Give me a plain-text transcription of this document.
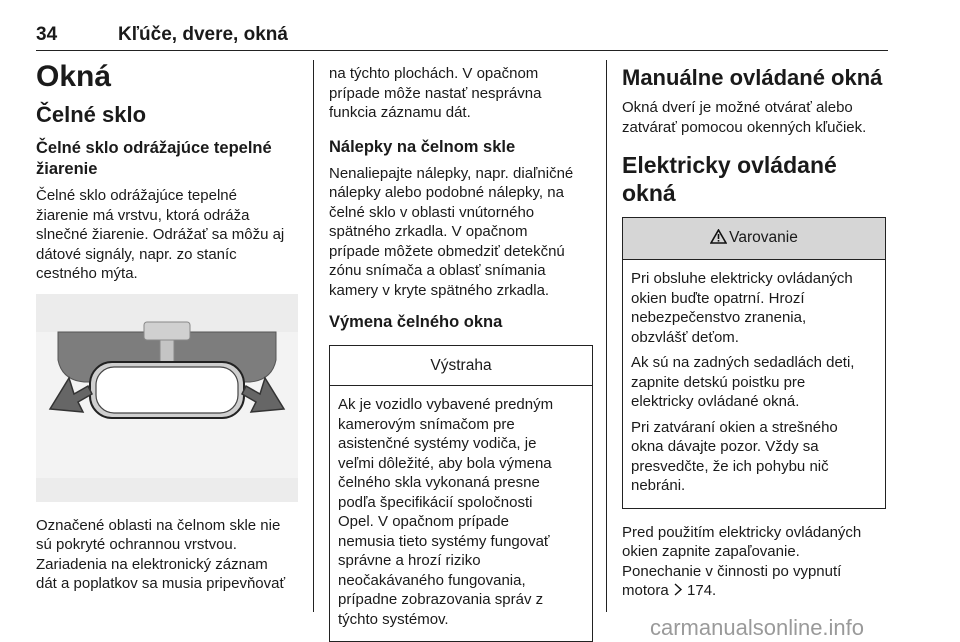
34	Kľúče, dvere, okná
Okná
Čelné sklo
Čelné sklo odrážajúce tepelné žiarenie
Čelné sklo odrážajúce tepelné
žiarenie má vrstvu, ktorá odráža
slnečné žiarenie. Odrážať sa môžu aj
dátové signály, napr. zo staníc
cestného mýta.
Označené oblasti na čelnom skle nie
sú pokryté ochrannou vrstvou.
Zariadenia na elektronický záznam
dát a poplatkov sa musia pripevňovať
na týchto plochách. V opačnom
prípade môže nastať nesprávna
funkcia záznamu dát.
Nálepky na čelnom skle
Nenaliepajte nálepky, napr. diaľničné
nálepky alebo podobné nálepky, na
čelné sklo v oblasti vnútorného
spätného zrkadla. V opačnom
prípade môžete obmedziť detekčnú
zónu snímača a oblasť snímania
kamery v kryte spätného zrkadla.
Výmena čelného okna
Výstraha
Ak je vozidlo vybavené predným
kamerovým snímačom pre
asistenčné systémy vodiča, je
veľmi dôležité, aby bola výmena
čelného skla vykonaná presne
podľa špecifikácií spoločnosti
Opel. V opačnom prípade
nemusia tieto systémy fungovať
správne a hrozí riziko
neočakávaného fungovania,
prípadne zobrazovania správ z
týchto systémov.
Manuálne ovládané okná
Okná dverí je možné otvárať alebo
zatvárať pomocou okenných kľučiek.
Elektricky ovládané okná
Varovanie
Pri obsluhe elektricky ovládaných
okien buďte opatrní. Hrozí
nebezpečenstvo zranenia,
obzvlášť deťom.
Ak sú na zadných sedadlách deti,
zapnite detskú poistku pre
elektricky ovládané okná.
Pri zatváraní okien a strešného
okna dávajte pozor. Vždy sa
presvedčte, že ich pohybu nič
nebráni.
Pred použitím elektricky ovládaných
okien zapnite zapaľovanie.
Ponechanie v činnosti po vypnutí
motora 174.
carmanualsonline.info
